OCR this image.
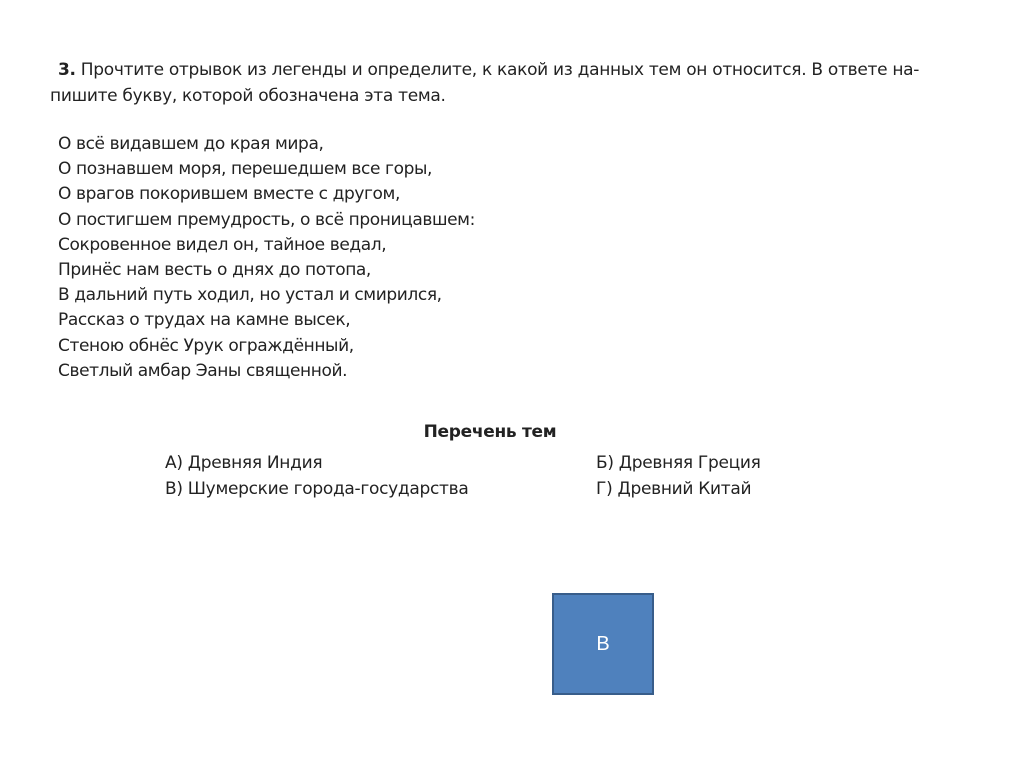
3. Прочтите отрывок из легенды и определите, к какой из данных тем он относится. В ответе на-
пишите букву, которой обозначена эта тема.
О всё видавшем до края мира,
О познавшем моря, перешедшем все горы,
О врагов покорившем вместе с другом,
О постигшем премудрость, о всё проницавшем:
Сокровенное видел он, тайное ведал,
Принёс нам весть о днях до потопа,
В дальний путь ходил, но устал и смирился,
Рассказ о трудах на камне высек,
Стеною обнёс Урук ограждённый,
Светлый амбар Эаны священной.
Перечень тем
А) Древняя Индия	Б) Древняя Греция
В) Шумерские города-государства	Г) Древний Китай
В
